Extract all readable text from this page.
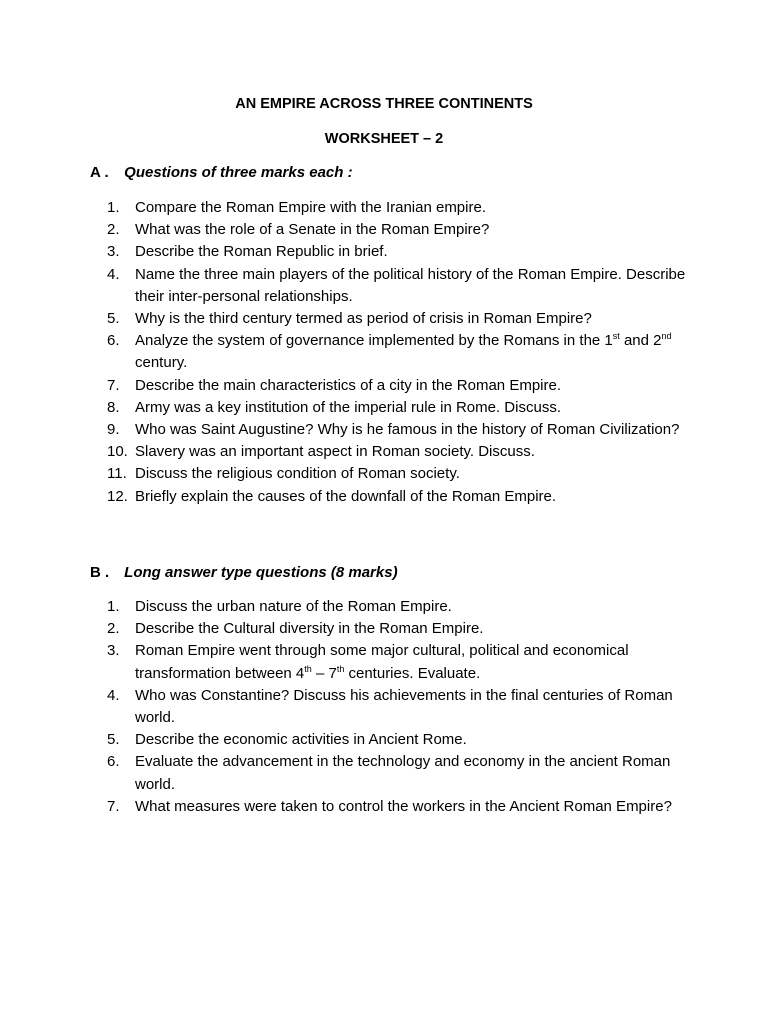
AN EMPIRE ACROSS THREE CONTINENTS
WORKSHEET – 2
A . Questions of three marks each :
1. Compare the Roman Empire with the Iranian empire.
2. What was the role of a Senate in the Roman Empire?
3. Describe the Roman Republic in brief.
4. Name the three main players of the political history of the Roman Empire. Describe their inter-personal relationships.
5. Why is the third century termed as period of crisis in Roman Empire?
6. Analyze the system of governance implemented by the Romans in the 1st and 2nd century.
7. Describe the main characteristics of a city in the Roman Empire.
8. Army was a key institution of the imperial rule in Rome. Discuss.
9. Who was Saint Augustine? Why is he famous in the history of Roman Civilization?
10. Slavery was an important aspect in Roman society. Discuss.
11. Discuss the religious condition of Roman society.
12. Briefly explain the causes of the downfall of the Roman Empire.
B . Long answer type questions (8 marks)
1. Discuss the urban nature of the Roman Empire.
2. Describe the Cultural diversity in the Roman Empire.
3. Roman Empire went through some major cultural, political and economical transformation between 4th – 7th centuries. Evaluate.
4. Who was Constantine? Discuss his achievements in the final centuries of Roman world.
5. Describe the economic activities in Ancient Rome.
6. Evaluate the advancement in the technology and economy in the ancient Roman world.
7. What measures were taken to control the workers in the Ancient Roman Empire?
